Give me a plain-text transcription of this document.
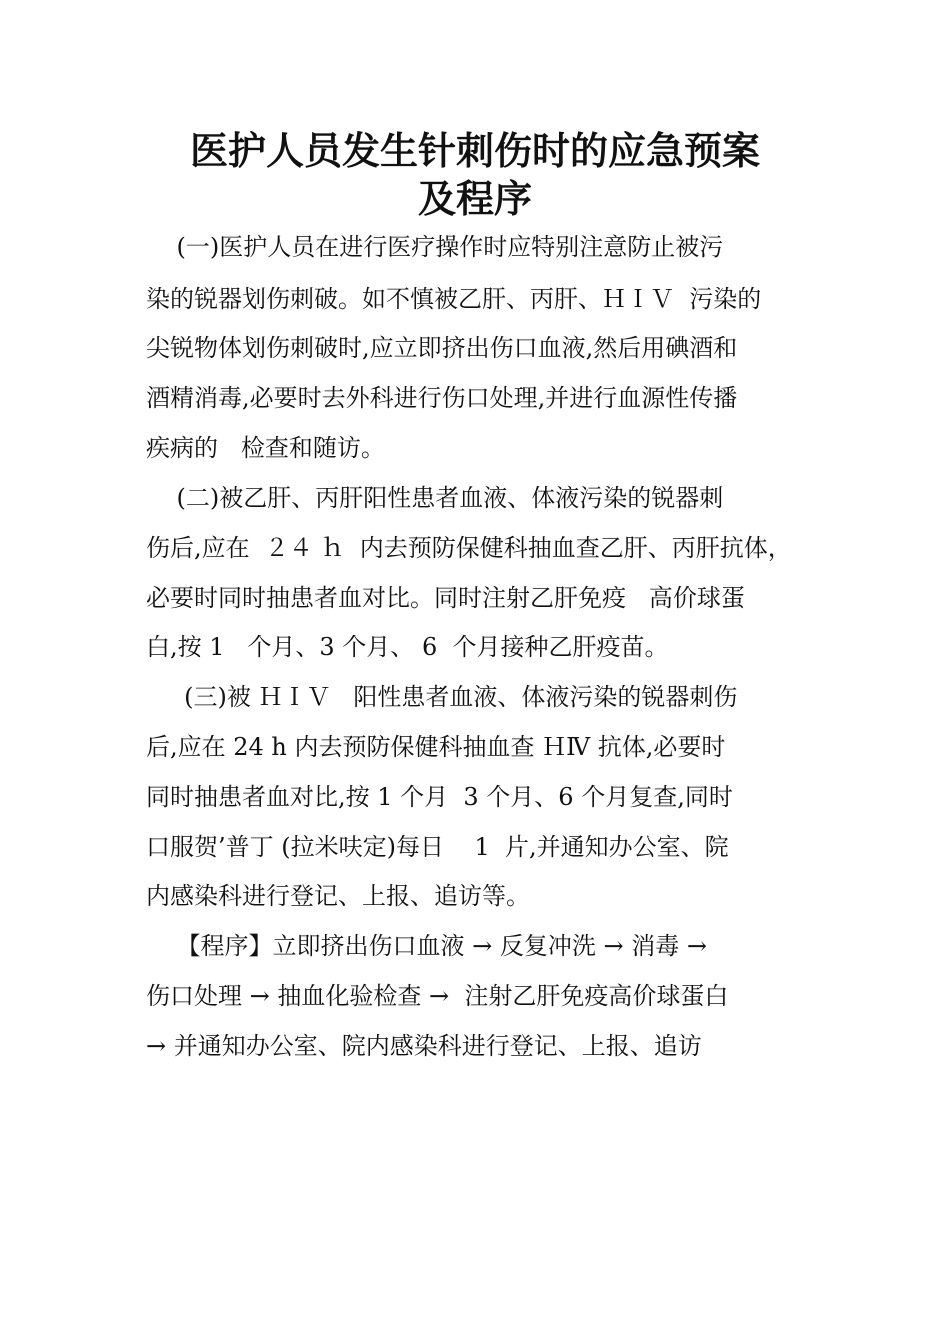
医护人员发生针刺伤时的应急预案
及程序
(一)医护人员在进行医疗操作时应特别注意防止被污
染的锐器划伤刺破。如不慎被乙肝、丙肝、ＨＩＶ  污染的
尖锐物体划伤刺破时,应立即挤出伤口血液,然后用碘酒和
酒精消毒,必要时去外科进行伤口处理,并进行血源性传播
疾病的   检查和随访。
(二)被乙肝、丙肝阳性患者血液、体液污染的锐器刺
伤后,应在  ２４ ｈ  内去预防保健科抽血查乙肝、丙肝抗体，
必要时同时抽患者血对比。同时注射乙肝免疫   高价球蛋
白,按 1   个月、3 个月、 6  个月接种乙肝疫苗。
(三)被 ＨＩＶ   阳性患者血液、体液污染的锐器刺伤
后,应在 24 h 内去预防保健科抽血查 ＨⅣ 抗体,必要时
同时抽患者血对比,按 1 个月  3 个月、6 个月复查,同时
口服贺’普丁 (拉米呋定)每日    1  片,并通知办公室、院
内感染科进行登记、上报、追访等。
【程序】立即挤出伤口血液 → 反复冲洗 → 消毒 →
伤口处理 → 抽血化验检查 →  注射乙肝免疫高价球蛋白
→ 并通知办公室、院内感染科进行登记、上报、追访
